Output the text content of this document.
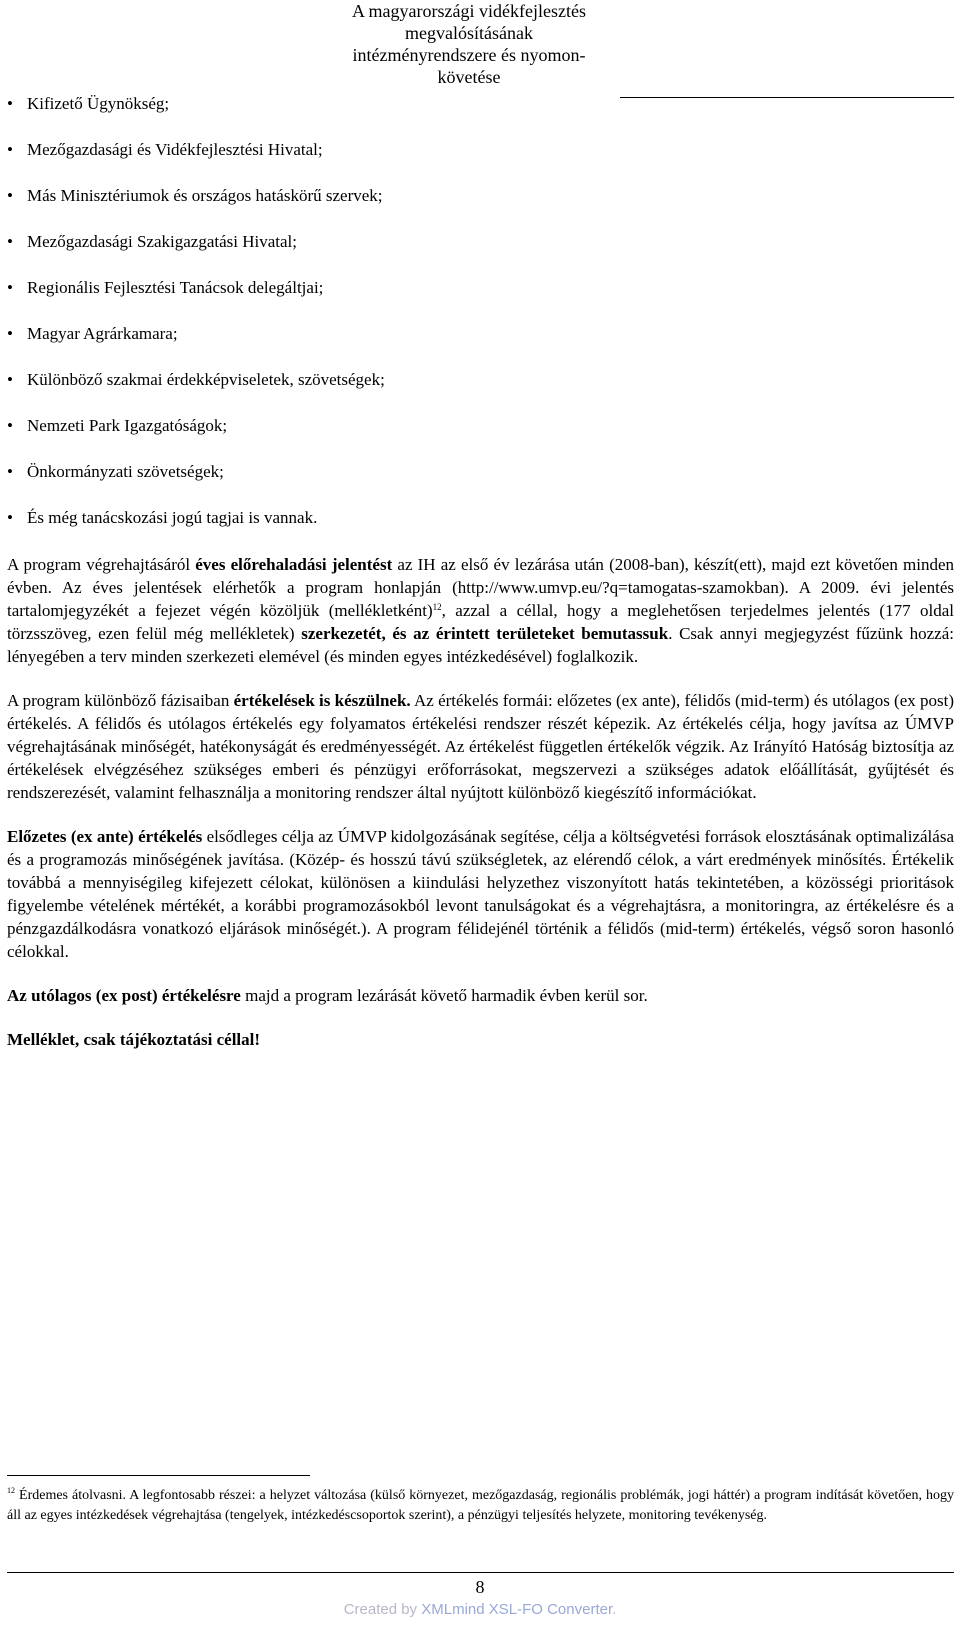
A magyarországi vidékfejlesztés
megvalósításának
intézményrendszere és nyomon-
követése
• Kifizető Ügynökség;
• Mezőgazdasági és Vidékfejlesztési Hivatal;
• Más Minisztériumok és országos hatáskörű szervek;
• Mezőgazdasági Szakigazgatási Hivatal;
• Regionális Fejlesztési Tanácsok delegáltjai;
• Magyar Agrárkamara;
• Különböző szakmai érdekképviseletek, szövetségek;
• Nemzeti Park Igazgatóságok;
• Önkormányzati szövetségek;
• És még tanácskozási jogú tagjai is vannak.

A program végrehajtásáról éves előrehaladási jelentést az IH az első év lezárása után (2008-ban), készít(ett), majd ezt követően minden évben. Az éves jelentések elérhetők a program honlapján (http://www.umvp.eu/?q=tamogatas-szamokban). A 2009. évi jelentés tartalomjegyzékét a fejezet végén közöljük (mellékletként)$^{12}$, azzal a céllal, hogy a meglehetősen terjedelmes jelentés (177 oldal törzsszöveg, ezen felül még mellékletek) szerkezetét, és az érintett területeket bemutassuk. Csak annyi megjegyzést fűzünk hozzá: lényegében a terv minden szerkezeti elemével (és minden egyes intézkedésével) foglalkozik.

A program különböző fázisaiban értékelések is készülnek. Az értékelés formái: előzetes (ex ante), félidős (mid-term) és utólagos (ex post) értékelés. A félidős és utólagos értékelés egy folyamatos értékelési rendszer részét képezik. Az értékelés célja, hogy javítsa az ÚMVP végrehajtásának minőségét, hatékonyságát és eredményességét. Az értékelést független értékelők végzik. Az Irányító Hatóság biztosítja az értékelések elvégzéséhez szükséges emberi és pénzügyi erőforrásokat, megszervezi a szükséges adatok előállítását, gyűjtését és rendszerezését, valamint felhasználja a monitoring rendszer által nyújtott különböző kiegészítő információkat.

Előzetes (ex ante) értékelés elsődleges célja az ÚMVP kidolgozásának segítése, célja a költségvetési források elosztásának optimalizálása és a programozás minőségének javítása. (Közép- és hosszú távú szükségletek, az elérendő célok, a várt eredmények minősítés. Értékelik továbbá a mennyiségileg kifejezett célokat, különösen a kiindulási helyzethez viszonyított hatás tekintetében, a közösségi prioritások figyelembe vételének mértékét, a korábbi programozásokból levont tanulságokat és a végrehajtásra, a monitoringra, az értékelésre és a pénzgazdálkodásra vonatkozó eljárások minőségét.). A program félidejénél történik a félidős (mid-term) értékelés, végső soron hasonló célokkal.

Az utólagos (ex post) értékelésre majd a program lezárását követő harmadik évben kerül sor.

Melléklet, csak tájékoztatási céllal!

$^{12}$ Érdemes átolvasni. A legfontosabb részei: a helyzet változása (külső környezet, mezőgazdaság, regionális problémák, jogi háttér) a program indítását követően, hogy áll az egyes intézkedések végrehajtása (tengelyek, intézkedéscsoportok szerint), a pénzügyi teljesítés helyzete, monitoring tevékenység.
8
Created by XMLmind XSL-FO Converter.
